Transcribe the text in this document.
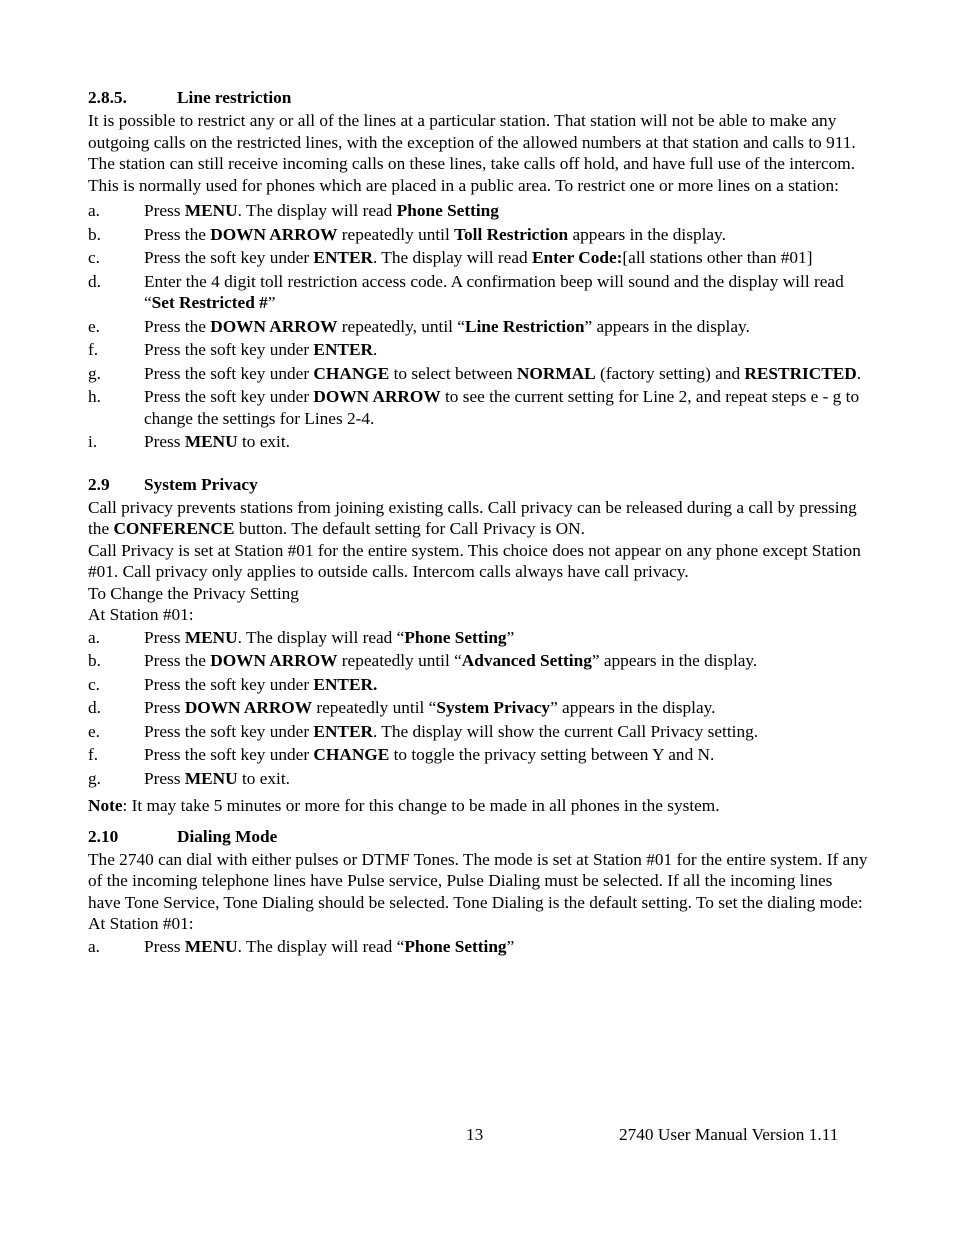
2.8.5.	Line restriction

It is possible to restrict any or all of the lines at a particular station. That station will not be able to make any outgoing calls on the restricted lines, with the exception of the allowed numbers at that station and calls to 911. The station can still receive incoming calls on these lines, take calls off hold, and have full use of the intercom. This is normally used for phones which are placed in a public area. To restrict one or more lines on a station:

a.	Press MENU. The display will read Phone Setting
b.	Press the DOWN ARROW repeatedly until Toll Restriction appears in the display.
c.	Press the soft key under ENTER. The display will read Enter Code:[all stations other than #01]
d.	Enter the 4 digit toll restriction access code. A confirmation beep will sound and the display will read “Set Restricted #”
e.	Press the DOWN ARROW repeatedly, until “Line Restriction” appears in the display.
f.	Press the soft key under ENTER.
g.	Press the soft key under CHANGE to select between NORMAL (factory setting) and RESTRICTED.
h.	Press the soft key under DOWN ARROW to see the current setting for Line 2, and repeat steps e - g to change the settings for Lines 2-4.
i.	Press MENU to exit.
2.9	System Privacy

Call privacy prevents stations from joining existing calls. Call privacy can be released during a call by pressing the CONFERENCE button. The default setting for Call Privacy is ON.

Call Privacy is set at Station #01 for the entire system. This choice does not appear on any phone except Station #01. Call privacy only applies to outside calls. Intercom calls always have call privacy.

To Change the Privacy Setting

At Station #01:

a.	Press MENU. The display will read “Phone Setting”
b.	Press the DOWN ARROW repeatedly until “Advanced Setting” appears in the display.
c.	Press the soft key under ENTER.
d.	Press DOWN ARROW repeatedly until “System Privacy” appears in the display.
e.	Press the soft key under ENTER. The display will show the current Call Privacy setting.
f.	Press the soft key under CHANGE to toggle the privacy setting between Y and N.
g.	Press MENU to exit.

Note: It may take 5 minutes or more for this change to be made in all phones in the system.

2.10	Dialing Mode

The 2740 can dial with either pulses or DTMF Tones. The mode is set at Station #01 for the entire system. If any of the incoming telephone lines have Pulse service, Pulse Dialing must be selected. If all the incoming lines have Tone Service, Tone Dialing should be selected. Tone Dialing is the default setting. To set the dialing mode:

At Station #01:

a.	Press MENU. The display will read “Phone Setting”
13	2740 User Manual Version 1.11
